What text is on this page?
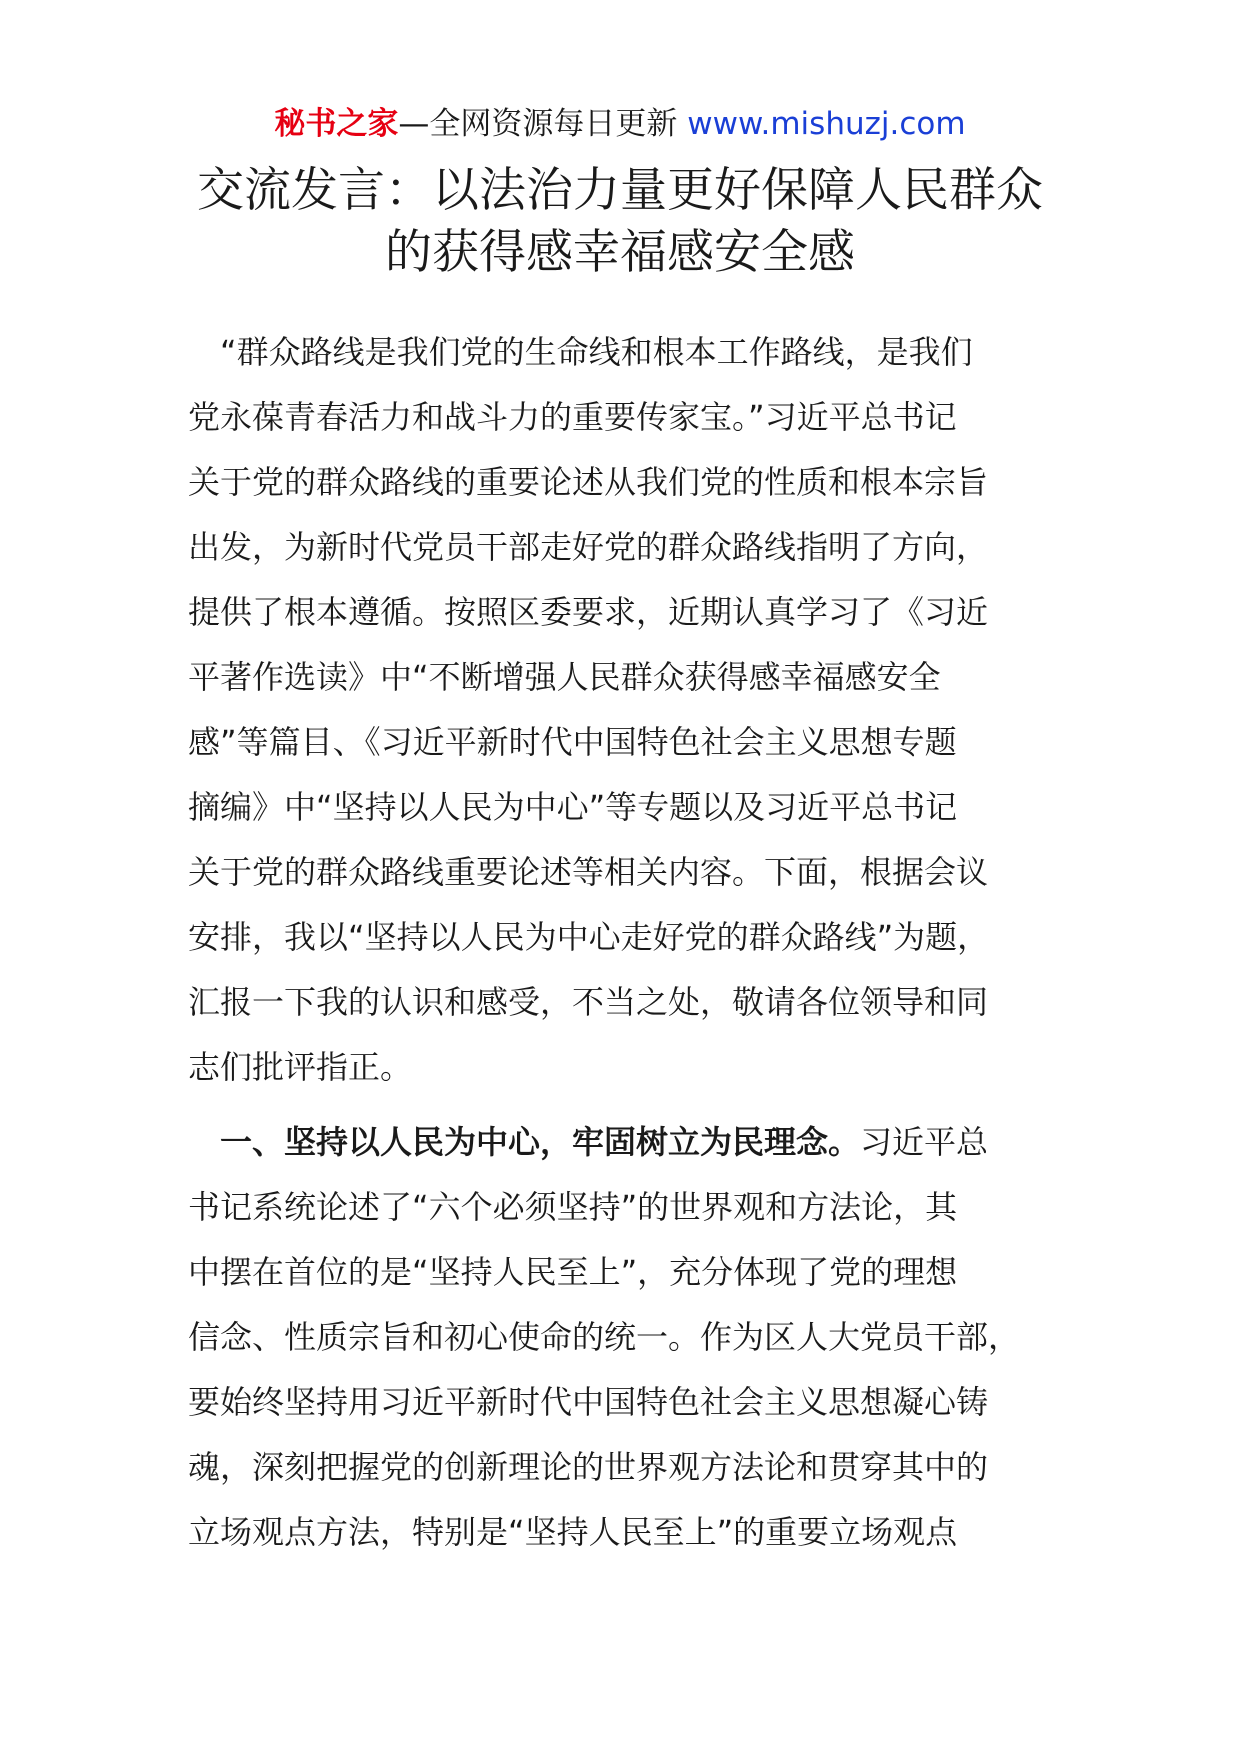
秘书之家—全网资源每日更新 www.mishuzj.com
交流发言：以法治力量更好保障人民群众
的获得感幸福感安全感
　“群众路线是我们党的生命线和根本工作路线，是我们
党永葆青春活力和战斗力的重要传家宝。”习近平总书记
关于党的群众路线的重要论述从我们党的性质和根本宗旨
出发，为新时代党员干部走好党的群众路线指明了方向，
提供了根本遵循。按照区委要求，近期认真学习了《习近
平著作选读》中“不断增强人民群众获得感幸福感安全
感”等篇目、《习近平新时代中国特色社会主义思想专题
摘编》中“坚持以人民为中心”等专题以及习近平总书记
关于党的群众路线重要论述等相关内容。下面，根据会议
安排，我以“坚持以人民为中心走好党的群众路线”为题，
汇报一下我的认识和感受，不当之处，敬请各位领导和同
志们批评指正。
　一、坚持以人民为中心，牢固树立为民理念。习近平总
书记系统论述了“六个必须坚持”的世界观和方法论，其
中摆在首位的是“坚持人民至上”，充分体现了党的理想
信念、性质宗旨和初心使命的统一。作为区人大党员干部，
要始终坚持用习近平新时代中国特色社会主义思想凝心铸
魂，深刻把握党的创新理论的世界观方法论和贯穿其中的
立场观点方法，特别是“坚持人民至上”的重要立场观点
